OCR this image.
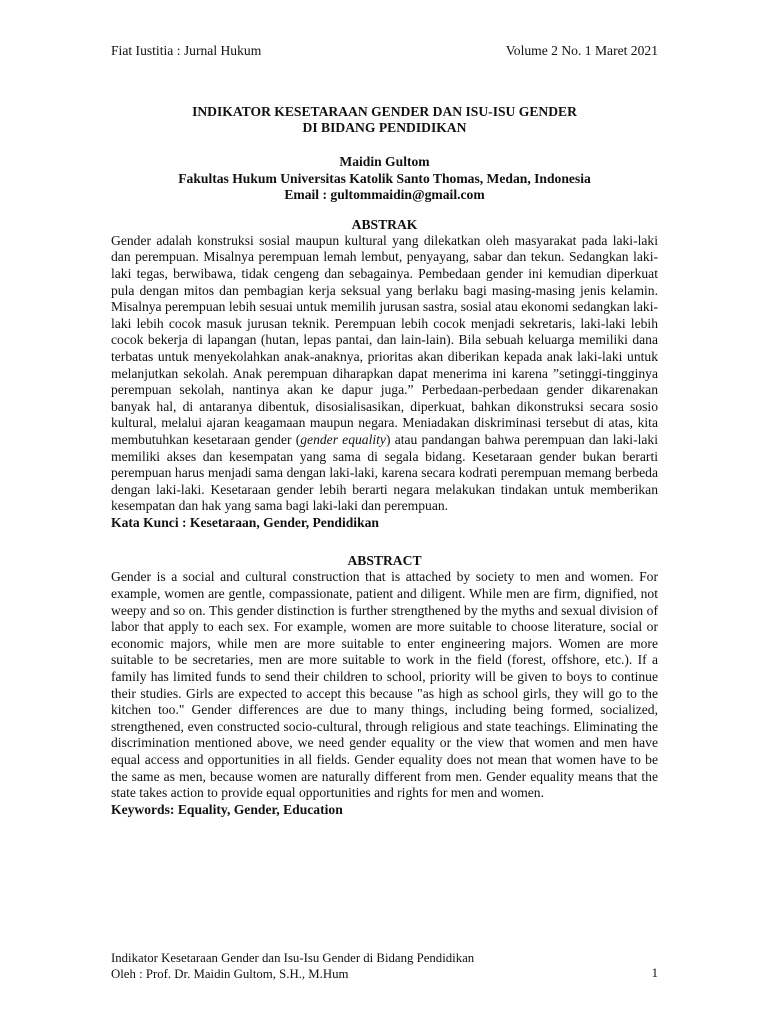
Fiat Iustitia : Jurnal Hukum	Volume 2 No. 1 Maret 2021
INDIKATOR KESETARAAN GENDER DAN ISU-ISU GENDER
DI BIDANG PENDIDIKAN
Maidin Gultom
Fakultas Hukum Universitas Katolik Santo Thomas, Medan, Indonesia
Email : gultommaidin@gmail.com
ABSTRAK
Gender adalah konstruksi sosial maupun kultural yang dilekatkan oleh masyarakat pada laki-laki dan perempuan. Misalnya perempuan lemah lembut, penyayang, sabar dan tekun. Sedangkan laki-laki tegas, berwibawa, tidak cengeng dan sebagainya. Pembedaan gender ini kemudian diperkuat pula dengan mitos dan pembagian kerja seksual yang berlaku bagi masing-masing jenis kelamin. Misalnya perempuan lebih sesuai untuk memilih jurusan sastra, sosial atau ekonomi sedangkan laki-laki lebih cocok masuk jurusan teknik. Perempuan lebih cocok menjadi sekretaris, laki-laki lebih cocok bekerja di lapangan (hutan, lepas pantai, dan lain-lain). Bila sebuah keluarga memiliki dana terbatas untuk menyekolahkan anak-anaknya, prioritas akan diberikan kepada anak laki-laki untuk melanjutkan sekolah. Anak perempuan diharapkan dapat menerima ini karena ”setinggi-tingginya perempuan sekolah, nantinya akan ke dapur juga.” Perbedaan-perbedaan gender dikarenakan banyak hal, di antaranya dibentuk, disosialisasikan, diperkuat, bahkan dikonstruksi secara sosio kultural, melalui ajaran keagamaan maupun negara. Meniadakan diskriminasi tersebut di atas, kita membutuhkan kesetaraan gender (gender equality) atau pandangan bahwa perempuan dan laki-laki memiliki akses dan kesempatan yang sama di segala bidang. Kesetaraan gender bukan berarti perempuan harus menjadi sama dengan laki-laki, karena secara kodrati perempuan memang berbeda dengan laki-laki. Kesetaraan gender lebih berarti negara melakukan tindakan untuk memberikan kesempatan dan hak yang sama bagi laki-laki dan perempuan.
Kata Kunci : Kesetaraan, Gender, Pendidikan
ABSTRACT
Gender is a social and cultural construction that is attached by society to men and women. For example, women are gentle, compassionate, patient and diligent. While men are firm, dignified, not weepy and so on. This gender distinction is further strengthened by the myths and sexual division of labor that apply to each sex. For example, women are more suitable to choose literature, social or economic majors, while men are more suitable to enter engineering majors. Women are more suitable to be secretaries, men are more suitable to work in the field (forest, offshore, etc.). If a family has limited funds to send their children to school, priority will be given to boys to continue their studies. Girls are expected to accept this because "as high as school girls, they will go to the kitchen too." Gender differences are due to many things, including being formed, socialized, strengthened, even constructed socio-cultural, through religious and state teachings. Eliminating the discrimination mentioned above, we need gender equality or the view that women and men have equal access and opportunities in all fields. Gender equality does not mean that women have to be the same as men, because women are naturally different from men. Gender equality means that the state takes action to provide equal opportunities and rights for men and women.
Keywords: Equality, Gender, Education
Indikator Kesetaraan Gender dan Isu-Isu Gender di Bidang Pendidikan
Oleh : Prof. Dr. Maidin Gultom, S.H., M.Hum	1
